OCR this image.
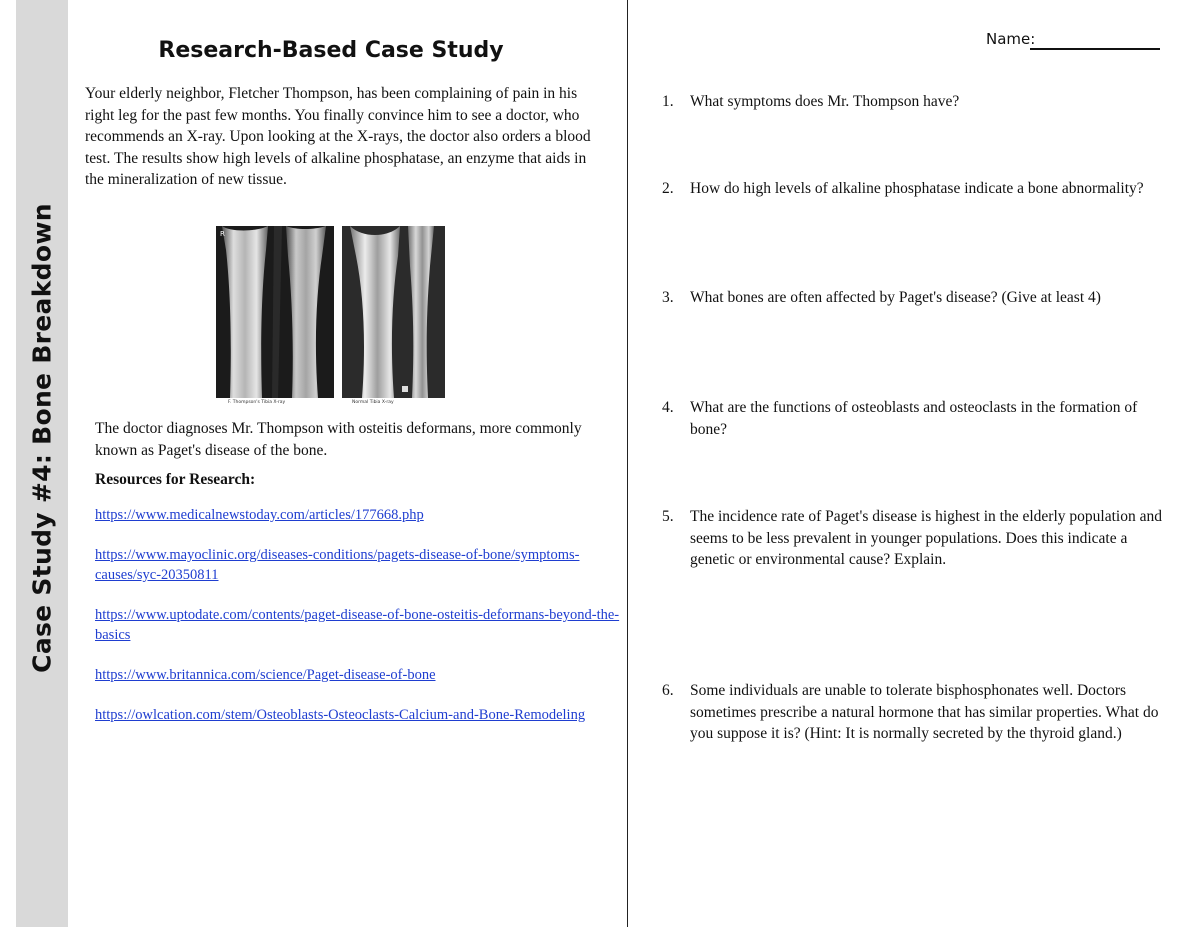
Case Study #4: Bone Breakdown
Research-Based Case Study

Your elderly neighbor, Fletcher Thompson, has been complaining of pain in his right leg for the past few months. You finally convince him to see a doctor, who recommends an X-ray. Upon looking at the X-rays, the doctor also orders a blood test. The results show high levels of alkaline phosphatase, an enzyme that aids in the mineralization of new tissue.

R
F. Thompson's Tibia X-ray	Normal Tibia X-ray

The doctor diagnoses Mr. Thompson with osteitis deformans, more commonly known as Paget's disease of the bone.

Resources for Research:

https://www.medicalnewstoday.com/articles/177668.php
https://www.mayoclinic.org/diseases-conditions/pagets-disease-of-bone/symptoms-causes/syc-20350811
https://www.uptodate.com/contents/paget-disease-of-bone-osteitis-deformans-beyond-the-basics
https://www.britannica.com/science/Paget-disease-of-bone
https://owlcation.com/stem/Osteoblasts-Osteoclasts-Calcium-and-Bone-Remodeling
Name:
1.	What symptoms does Mr. Thompson have?
2.	How do high levels of alkaline phosphatase indicate a bone abnormality?
3.	What bones are often affected by Paget's disease? (Give at least 4)
4.	What are the functions of osteoblasts and osteoclasts in the formation of bone?
5.	The incidence rate of Paget's disease is highest in the elderly population and seems to be less prevalent in younger populations. Does this indicate a genetic or environmental cause? Explain.
6.	Some individuals are unable to tolerate bisphosphonates well. Doctors sometimes prescribe a natural hormone that has similar properties. What do you suppose it is? (Hint: It is normally secreted by the thyroid gland.)
